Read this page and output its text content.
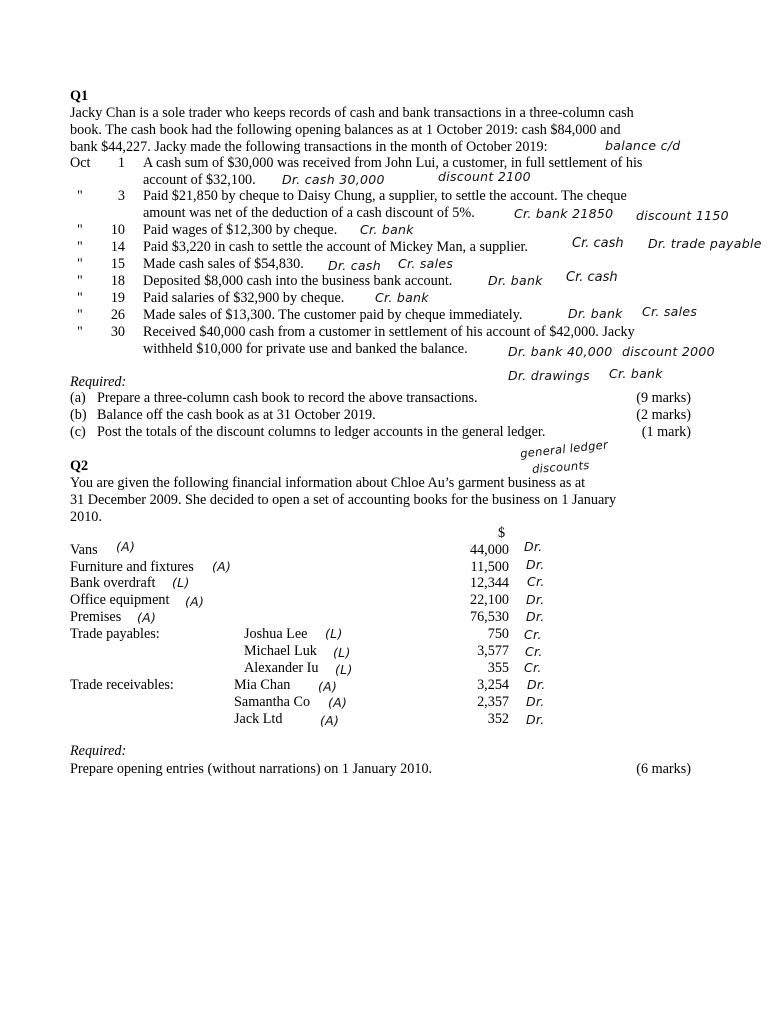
Q1
Jacky Chan is a sole trader who keeps records of cash and bank transactions in a three-column cash
book. The cash book had the following opening balances as at 1 October 2019: cash $84,000 and
bank $44,227. Jacky made the following transactions in the month of October 2019:	balance c/d
Oct	1 A cash sum of $30,000 was received from John Lui, a customer, in full settlement of his
account of $32,100. Dr. cash 30,000	discount 2100
"	3 Paid $21,850 by cheque to Daisy Chung, a supplier, to settle the account. The cheque
amount was net of the deduction of a cash discount of 5%.	Cr. bank 21850 discount 1150
"	10 Paid wages of $12,300 by cheque. Cr. bank
"	14 Paid $3,220 in cash to settle the account of Mickey Man, a supplier.	Cr. cash Dr. trade payable
"	15 Made cash sales of $54,830. Dr. cash Cr. sales
"	18 Deposited $8,000 cash into the business bank account.	Dr. bank Cr. cash
"	19 Paid salaries of $32,900 by cheque. Cr. bank
"	26 Made sales of $13,300. The customer paid by cheque immediately.	Dr. bank Cr. sales
"	30 Received $40,000 cash from a customer in settlement of his account of $42,000. Jacky
withheld $10,000 for private use and banked the balance.	Dr. bank 40,000 discount 2000
Dr. drawings Cr. bank
Required:
(a) Prepare a three-column cash book to record the above transactions.	(9 marks)
(b) Balance off the cash book as at 31 October 2019.	(2 marks)
(c) Post the totals of the discount columns to ledger accounts in the general ledger.	(1 mark)
general ledger
discounts
Q2
You are given the following financial information about Chloe Au’s garment business as at
31 December 2009. She decided to open a set of accounting books for the business on 1 January
2010.
$
Vans (A)	44,000 Dr.
Furniture and fixtures (A)	11,500 Dr.
Bank overdraft (L)	12,344 Cr.
Office equipment (A)	22,100 Dr.
Premises (A)	76,530 Dr.
Trade payables:	Joshua Lee (L)	750 Cr.
Michael Luk (L)	3,577 Cr.
Alexander Iu (L)	355 Cr.
Trade receivables:	Mia Chan (A)	3,254 Dr.
Samantha Co (A)	2,357 Dr.
Jack Ltd	(A)	352 Dr.
Required:
Prepare opening entries (without narrations) on 1 January 2010.	(6 marks)
